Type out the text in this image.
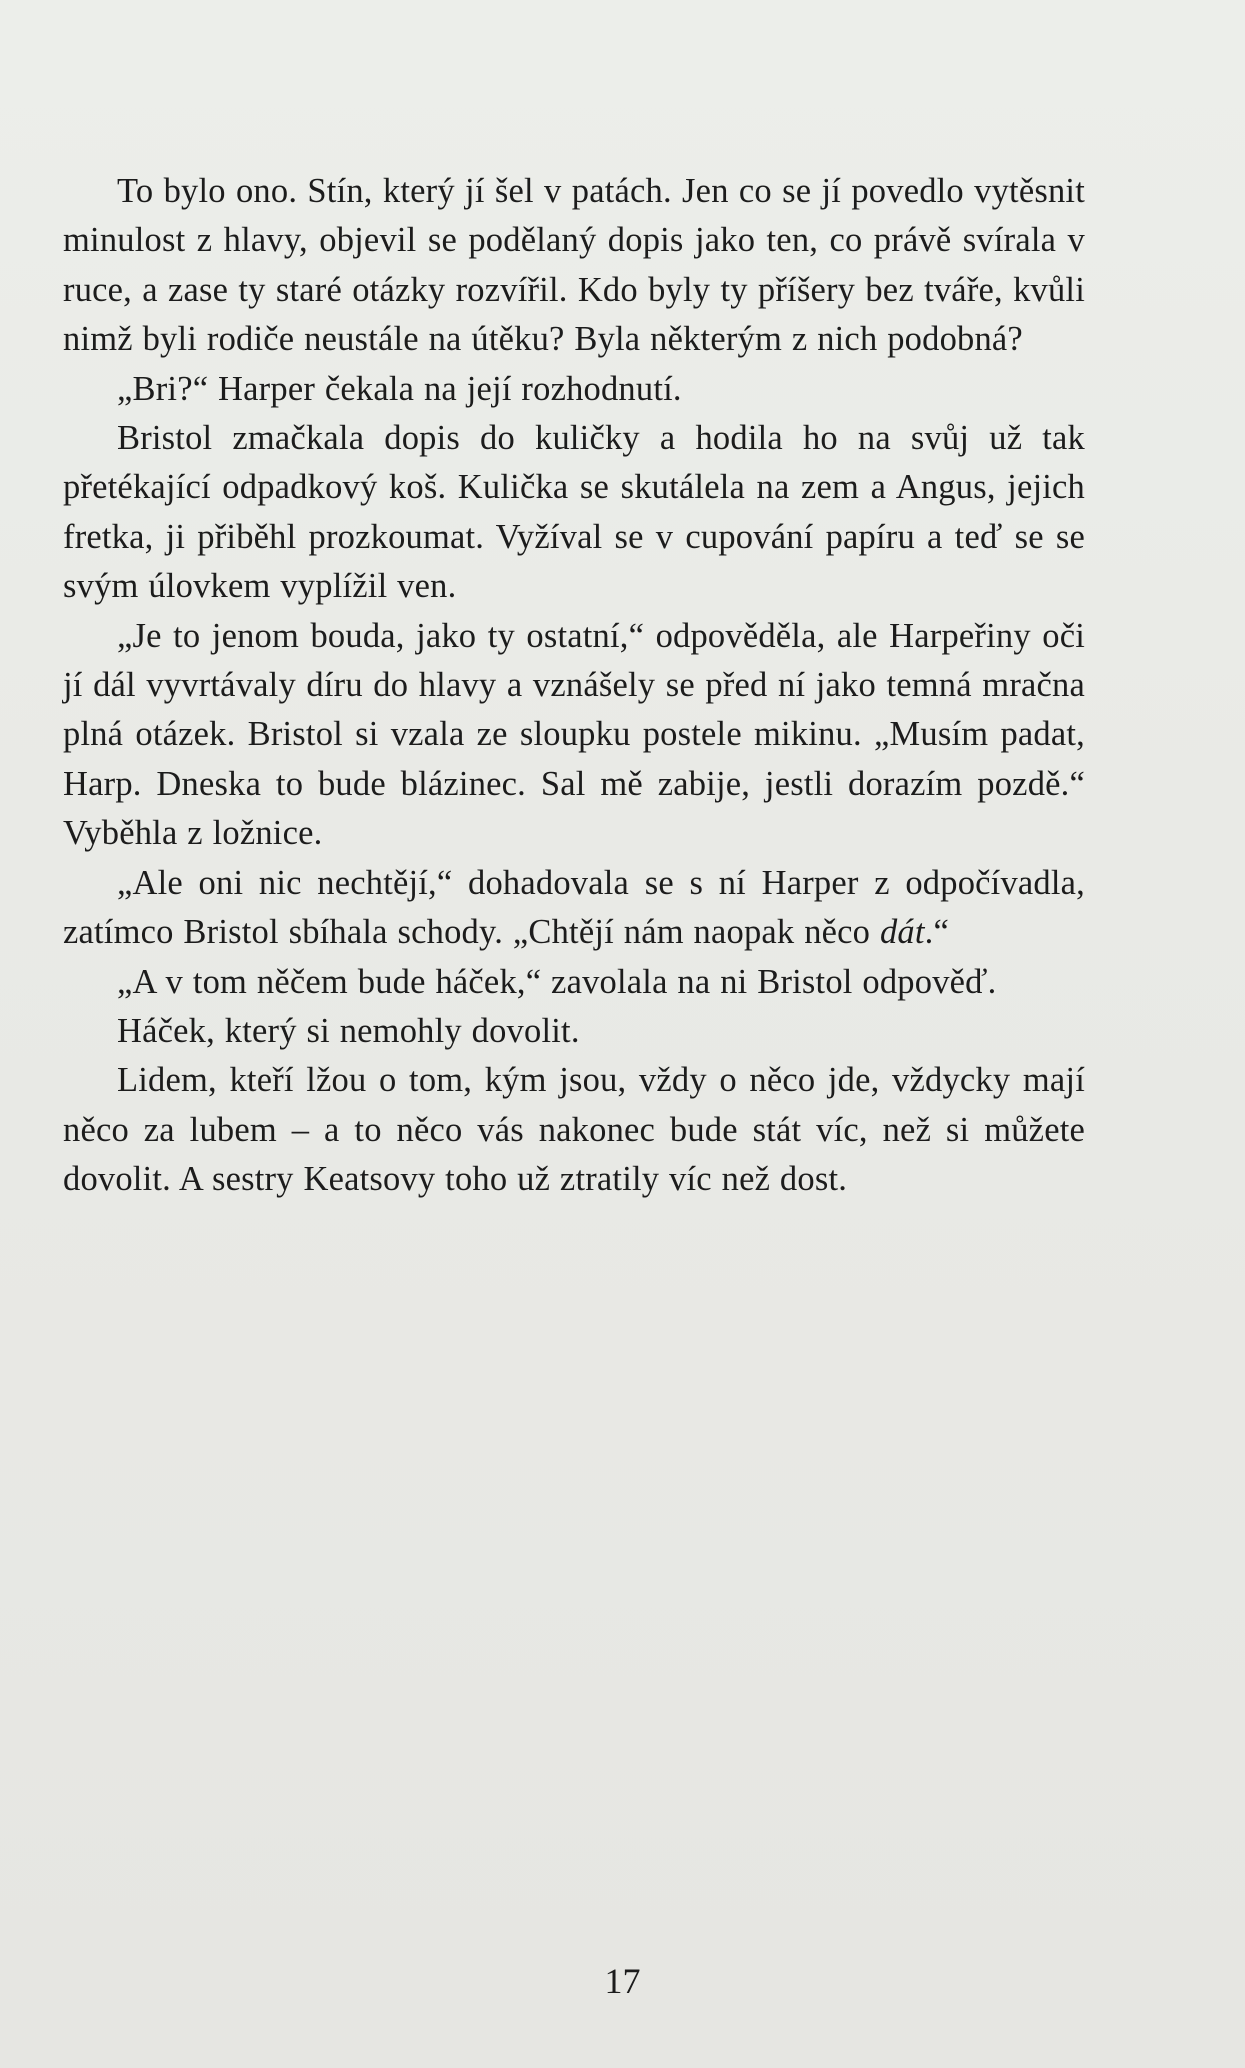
To bylo ono. Stín, který jí šel v patách. Jen co se jí povedlo vytěsnit minulost z hlavy, objevil se podělaný dopis jako ten, co právě svírala v ruce, a zase ty staré otázky rozvířil. Kdo byly ty příšery bez tváře, kvůli nimž byli rodiče neustále na útěku? Byla některým z nich podobná?

„Bri?“ Harper čekala na její rozhodnutí.

Bristol zmačkala dopis do kuličky a hodila ho na svůj už tak přetékající odpadkový koš. Kulička se skutálela na zem a Angus, jejich fretka, ji přiběhl prozkoumat. Vyžíval se v cupování papíru a teď se se svým úlovkem vyplížil ven.

„Je to jenom bouda, jako ty ostatní,“ odpověděla, ale Harpeřiny oči jí dál vyvrtávaly díru do hlavy a vznášely se před ní jako temná mračna plná otázek. Bristol si vzala ze sloupku postele mikinu. „Musím padat, Harp. Dneska to bude blázinec. Sal mě zabije, jestli dorazím pozdě.“ Vyběhla z ložnice.

„Ale oni nic nechtějí,“ dohadovala se s ní Harper z odpočívadla, zatímco Bristol sbíhala schody. „Chtějí nám naopak něco dát.“

„A v tom něčem bude háček,“ zavolala na ni Bristol odpověď.

Háček, který si nemohly dovolit.

Lidem, kteří lžou o tom, kým jsou, vždy o něco jde, vždycky mají něco za lubem – a to něco vás nakonec bude stát víc, než si můžete dovolit. A sestry Keatsovy toho už ztratily víc než dost.

17
